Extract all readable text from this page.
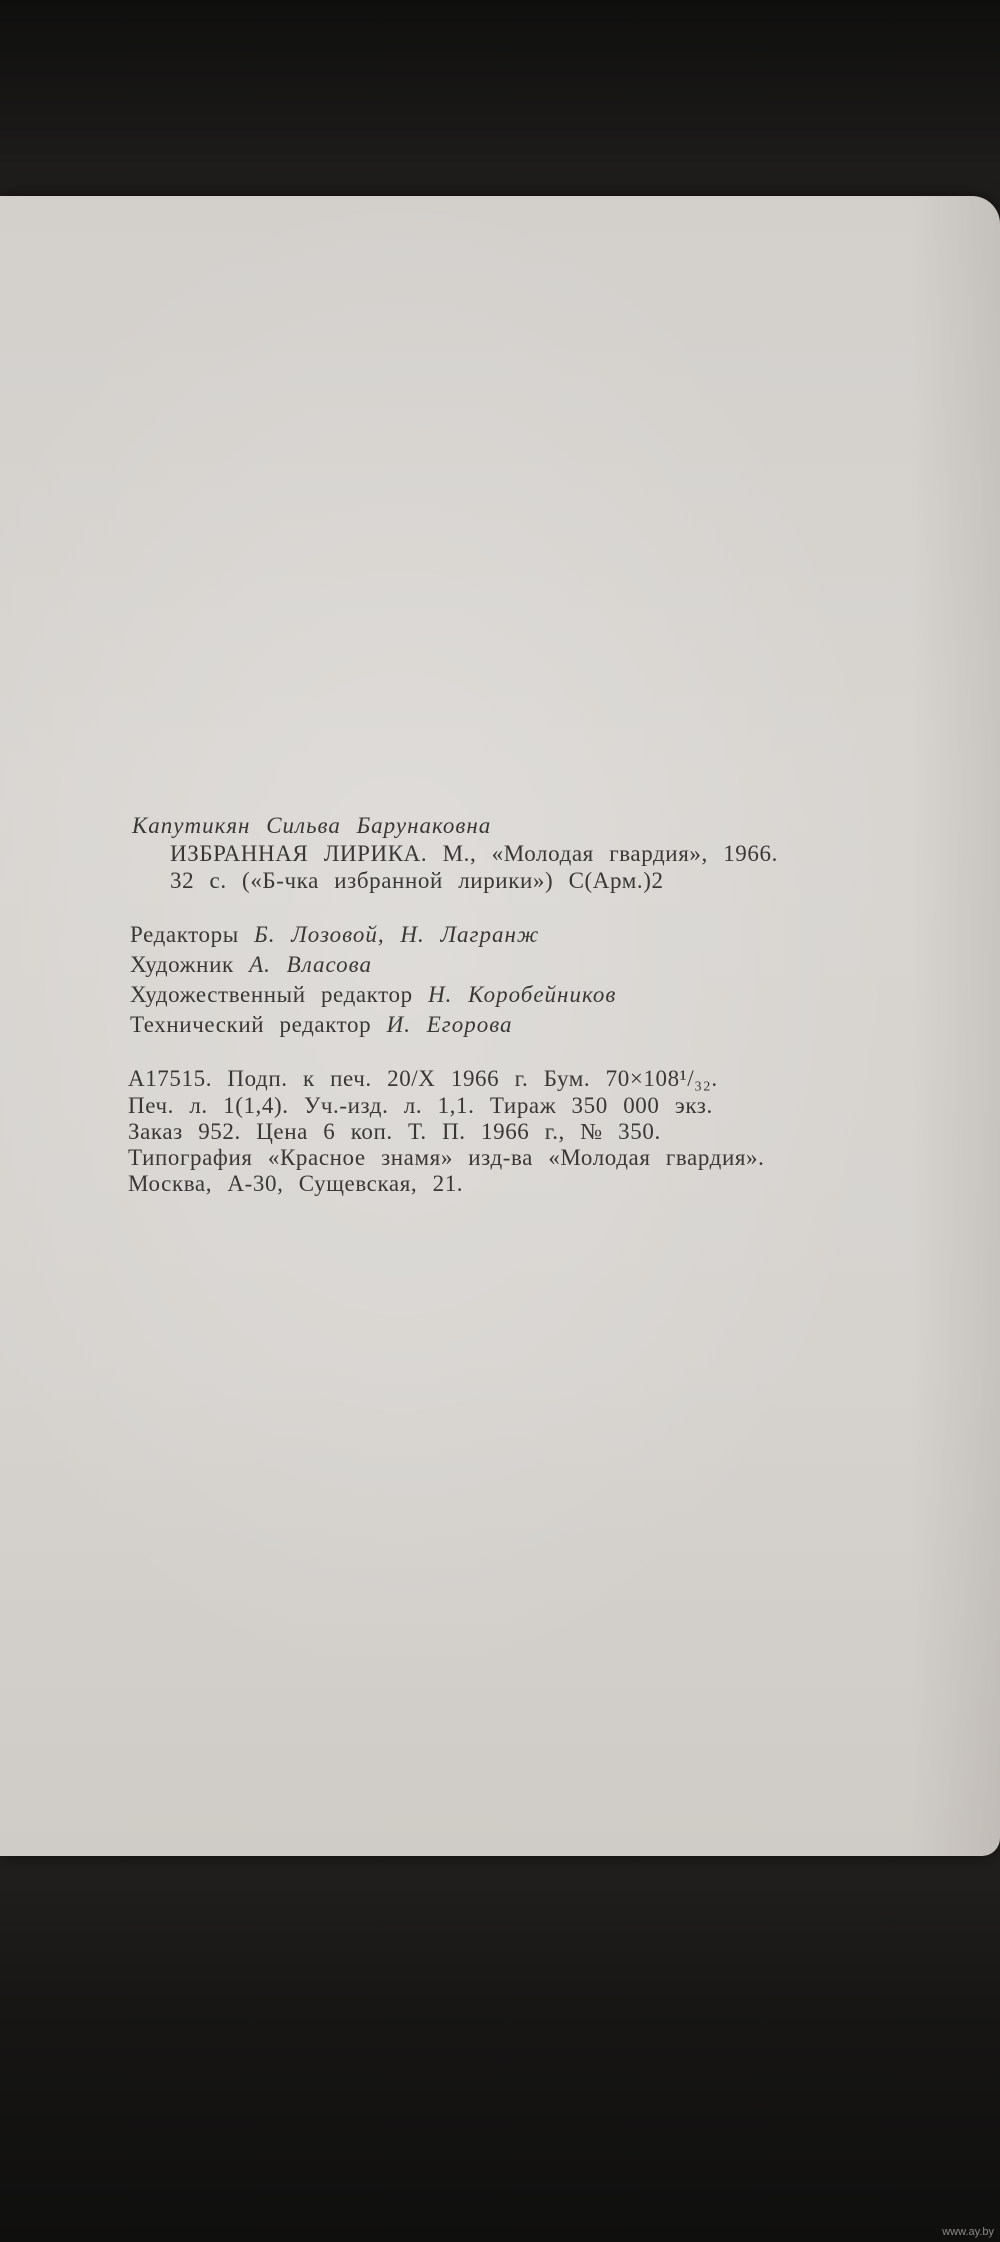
Капутикян Сильва Барунаковна
ИЗБРАННАЯ ЛИРИКА. М., «Молодая гвардия», 1966.
32 с. («Б-чка избранной лирики») С(Арм.)2
Редакторы Б. Лозовой, Н. Лагранж
Художник А. Власова
Художественный редактор Н. Коробейников
Технический редактор И. Егорова
А17515. Подп. к печ. 20/X 1966 г. Бум. 70×108¹/₃₂.
Печ. л. 1(1,4). Уч.-изд. л. 1,1. Тираж 350 000 экз.
Заказ 952. Цена 6 коп. Т. П. 1966 г., № 350.
Типография «Красное знамя» изд-ва «Молодая гвардия».
Москва, А-30, Сущевская, 21.
www.ay.by
